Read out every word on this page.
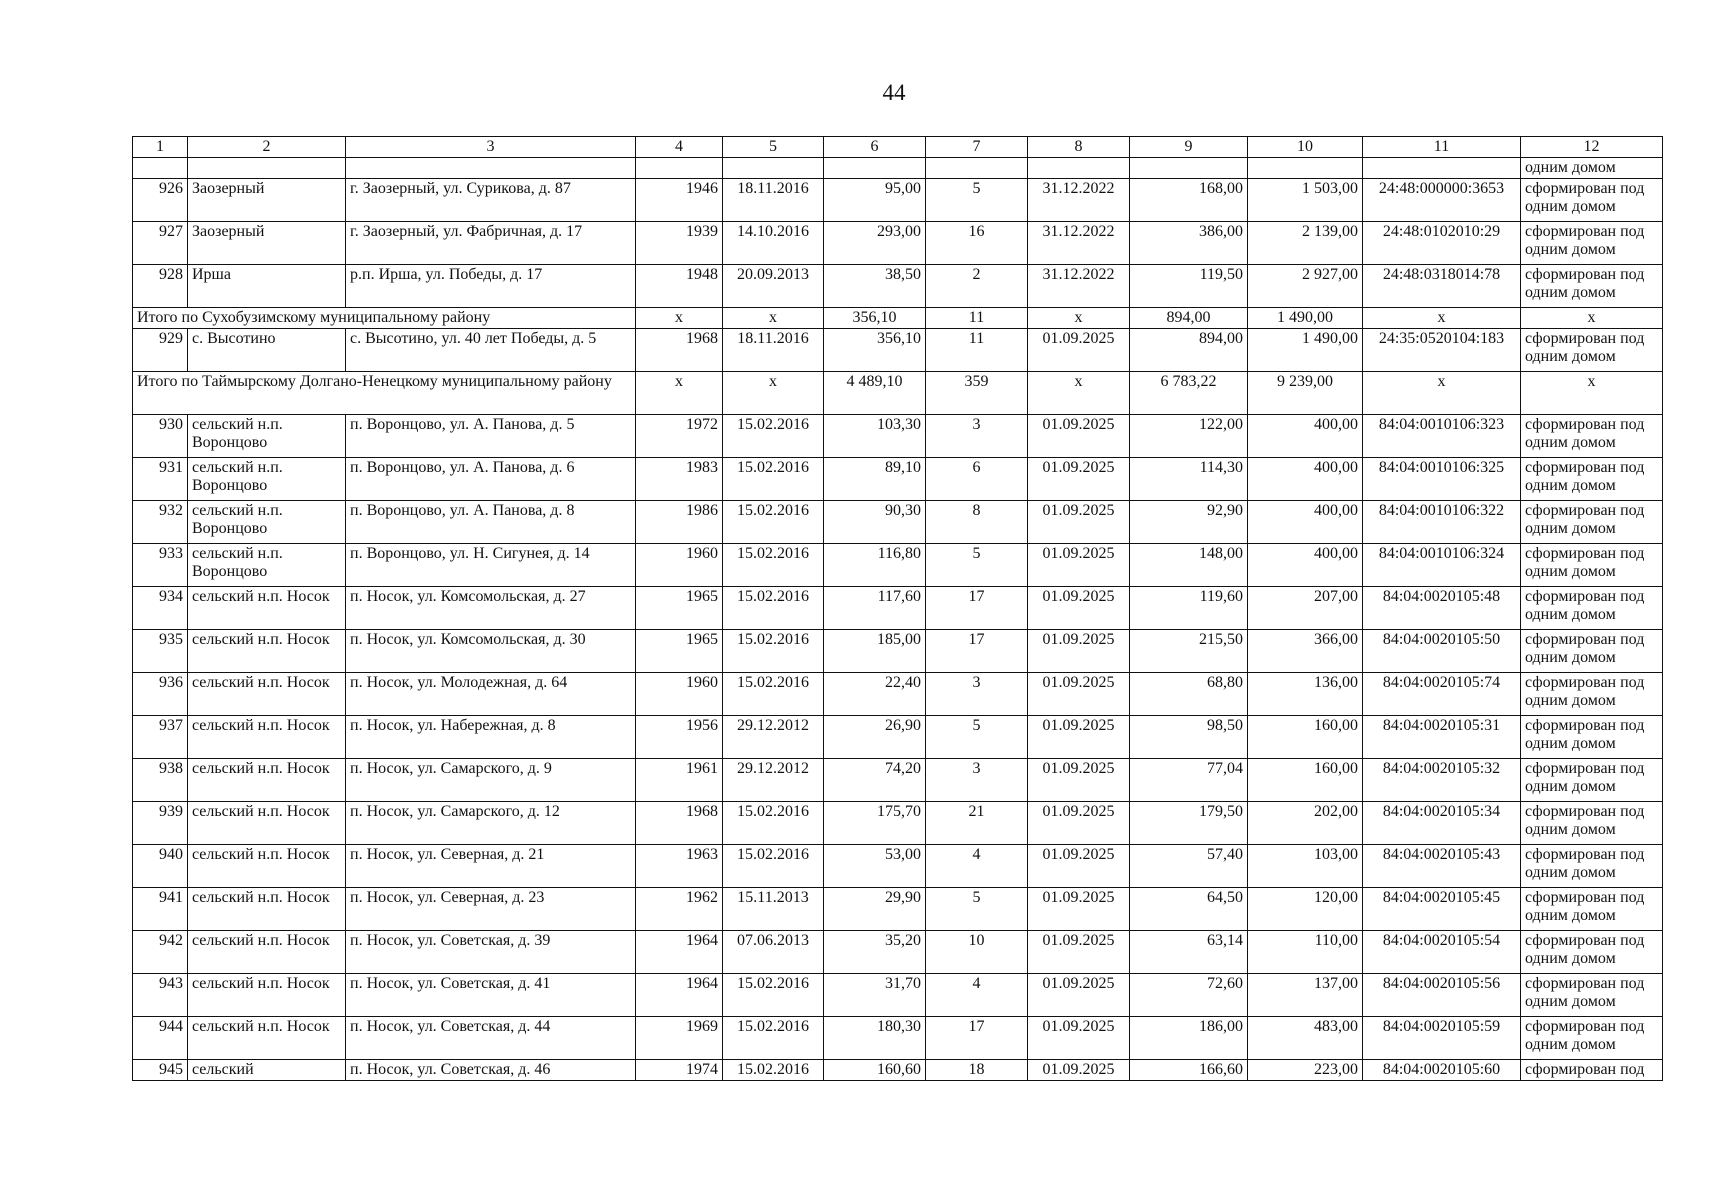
44
1	2	3	4	5	6	7	8	9	10	11	12
											одним домом
926	Заозерный	г. Заозерный, ул. Сурикова, д. 87	1946	18.11.2016	95,00	5	31.12.2022	168,00	1 503,00	24:48:000000:3653	сформирован под одним домом
927	Заозерный	г. Заозерный, ул. Фабричная, д. 17	1939	14.10.2016	293,00	16	31.12.2022	386,00	2 139,00	24:48:0102010:29	сформирован под одним домом
928	Ирша	р.п. Ирша, ул. Победы, д. 17	1948	20.09.2013	38,50	2	31.12.2022	119,50	2 927,00	24:48:0318014:78	сформирован под одним домом
Итого по Сухобузимскому муниципальному району			x	x	356,10	11	x	894,00	1 490,00	x	x
929	с. Высотино	с. Высотино, ул. 40 лет Победы, д. 5	1968	18.11.2016	356,10	11	01.09.2025	894,00	1 490,00	24:35:0520104:183	сформирован под одним домом
Итого по Таймырскому Долгано-Ненецкому муниципальному району			x	x	4 489,10	359	x	6 783,22	9 239,00	x	x
930	сельский н.п. Воронцово	п. Воронцово, ул. А. Панова, д. 5	1972	15.02.2016	103,30	3	01.09.2025	122,00	400,00	84:04:0010106:323	сформирован под одним домом
931	сельский н.п. Воронцово	п. Воронцово, ул. А. Панова, д. 6	1983	15.02.2016	89,10	6	01.09.2025	114,30	400,00	84:04:0010106:325	сформирован под одним домом
932	сельский н.п. Воронцово	п. Воронцово, ул. А. Панова, д. 8	1986	15.02.2016	90,30	8	01.09.2025	92,90	400,00	84:04:0010106:322	сформирован под одним домом
933	сельский н.п. Воронцово	п. Воронцово, ул. Н. Сигунея, д. 14	1960	15.02.2016	116,80	5	01.09.2025	148,00	400,00	84:04:0010106:324	сформирован под одним домом
934	сельский н.п. Носок	п. Носок, ул. Комсомольская, д. 27	1965	15.02.2016	117,60	17	01.09.2025	119,60	207,00	84:04:0020105:48	сформирован под одним домом
935	сельский н.п. Носок	п. Носок, ул. Комсомольская, д. 30	1965	15.02.2016	185,00	17	01.09.2025	215,50	366,00	84:04:0020105:50	сформирован под одним домом
936	сельский н.п. Носок	п. Носок, ул. Молодежная, д. 64	1960	15.02.2016	22,40	3	01.09.2025	68,80	136,00	84:04:0020105:74	сформирован под одним домом
937	сельский н.п. Носок	п. Носок, ул. Набережная, д. 8	1956	29.12.2012	26,90	5	01.09.2025	98,50	160,00	84:04:0020105:31	сформирован под одним домом
938	сельский н.п. Носок	п. Носок, ул. Самарского, д. 9	1961	29.12.2012	74,20	3	01.09.2025	77,04	160,00	84:04:0020105:32	сформирован под одним домом
939	сельский н.п. Носок	п. Носок, ул. Самарского, д. 12	1968	15.02.2016	175,70	21	01.09.2025	179,50	202,00	84:04:0020105:34	сформирован под одним домом
940	сельский н.п. Носок	п. Носок, ул. Северная, д. 21	1963	15.02.2016	53,00	4	01.09.2025	57,40	103,00	84:04:0020105:43	сформирован под одним домом
941	сельский н.п. Носок	п. Носок, ул. Северная, д. 23	1962	15.11.2013	29,90	5	01.09.2025	64,50	120,00	84:04:0020105:45	сформирован под одним домом
942	сельский н.п. Носок	п. Носок, ул. Советская, д. 39	1964	07.06.2013	35,20	10	01.09.2025	63,14	110,00	84:04:0020105:54	сформирован под одним домом
943	сельский н.п. Носок	п. Носок, ул. Советская, д. 41	1964	15.02.2016	31,70	4	01.09.2025	72,60	137,00	84:04:0020105:56	сформирован под одним домом
944	сельский н.п. Носок	п. Носок, ул. Советская, д. 44	1969	15.02.2016	180,30	17	01.09.2025	186,00	483,00	84:04:0020105:59	сформирован под одним домом
945	сельский	п. Носок, ул. Советская, д. 46	1974	15.02.2016	160,60	18	01.09.2025	166,60	223,00	84:04:0020105:60	сформирован под
